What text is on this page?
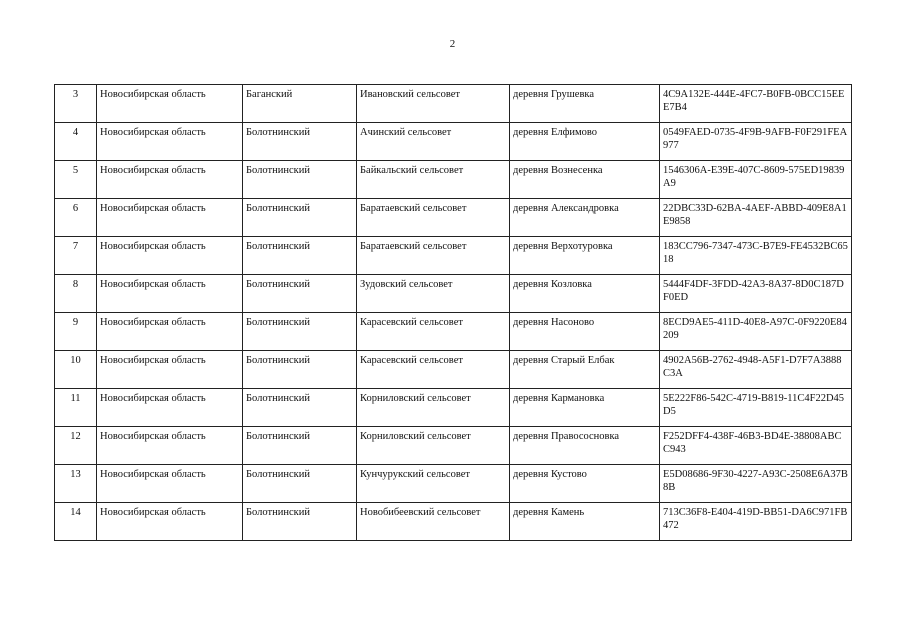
2
3	Новосибирская область	Баганский	Ивановский сельсовет	деревня Грушевка	4C9A132E-444E-4FC7-B0FB-0BCC15EEE7B4
4	Новосибирская область	Болотнинский	Ачинский сельсовет	деревня Елфимово	0549FAED-0735-4F9B-9AFB-F0F291FEA977
5	Новосибирская область	Болотнинский	Байкальский сельсовет	деревня Вознесенка	1546306A-E39E-407C-8609-575ED19839A9
6	Новосибирская область	Болотнинский	Баратаевский сельсовет	деревня Александровка	22DBC33D-62BA-4AEF-ABBD-409E8A1E9858
7	Новосибирская область	Болотнинский	Баратаевский сельсовет	деревня Верхотуровка	183CC796-7347-473C-B7E9-FE4532BC6518
8	Новосибирская область	Болотнинский	Зудовский сельсовет	деревня Козловка	5444F4DF-3FDD-42A3-8A37-8D0C187DF0ED
9	Новосибирская область	Болотнинский	Карасевский сельсовет	деревня Насоново	8ECD9AE5-411D-40E8-A97C-0F9220E84209
10	Новосибирская область	Болотнинский	Карасевский сельсовет	деревня Старый Елбак	4902A56B-2762-4948-A5F1-D7F7A3888C3A
11	Новосибирская область	Болотнинский	Корниловский сельсовет	деревня Кармановка	5E222F86-542C-4719-B819-11C4F22D45D5
12	Новосибирская область	Болотнинский	Корниловский сельсовет	деревня Правососновка	F252DFF4-438F-46B3-BD4E-38808ABCC943
13	Новосибирская область	Болотнинский	Кунчурукский сельсовет	деревня Кустово	E5D08686-9F30-4227-A93C-2508E6A37B8B
14	Новосибирская область	Болотнинский	Новобибеевский сельсовет	деревня Камень	713C36F8-E404-419D-BB51-DA6C971FB472
